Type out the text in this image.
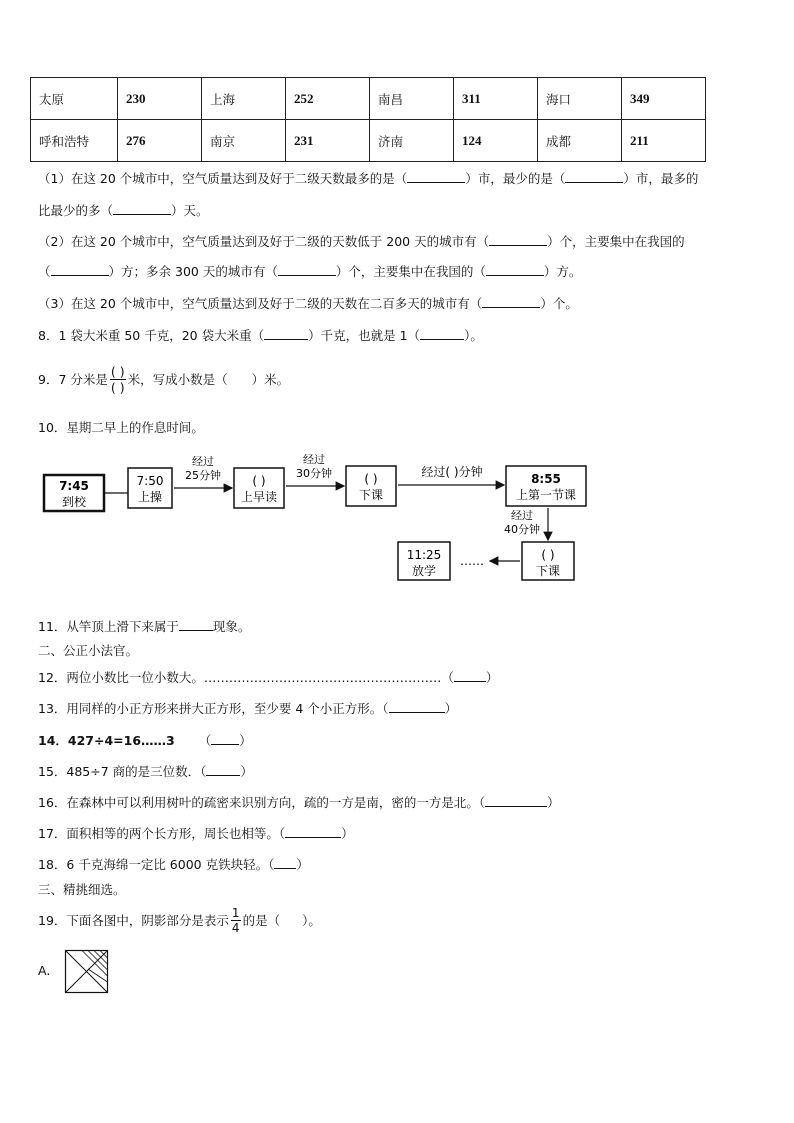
太原	230	上海	252	南昌	311	海口	349
呼和浩特	276	南京	231	济南	124	成都	211
（1）在这 20 个城市中，空气质量达到及好于二级天数最多的是（	）市，最少的是（	）市，最多的
比最少的多（	）天。
（2）在这 20 个城市中，空气质量达到及好于二级的天数低于 200 天的城市有（	）个，主要集中在我国的
（	）方；多余 300 天的城市有（	）个，主要集中在我国的（	）方。
（3）在这 20 个城市中，空气质量达到及好于二级的天数在二百多天的城市有（	）个。
8．1 袋大米重 50 千克，20 袋大米重（	）千克，也就是 1（	）。
9．7 分米是 $\frac{( )}{( )}$ 米，写成小数是（ ）米。
10．星期二早上的作息时间。
7:45
到校
7:50
上操
经过
25分钟	( )
上早读
经过
30分钟	( )
下课
经过( )分钟	8:55
上第一节课
经过
40分钟
( )
下课
……
11:25
放学
11．从竿顶上滑下来属于	现象。
二、公正小法官。
12．两位小数比一位小数大。…………………………………………………（	）
13．用同样的小正方形来拼大正方形，至少要 4 个小正方形。（	）
14．427÷4=16……3 （ ）
15．485÷7 商的是三位数．（	）
16．在森林中可以利用树叶的疏密来识别方向，疏的一方是南，密的一方是北。（	）
17．面积相等的两个长方形，周长也相等。（	）
18．6 千克海绵一定比 6000 克铁块轻。（ ）
三、精挑细选。
19．下面各图中，阴影部分是表示 $\frac{1}{4}$ 的是（ ）。
A.
